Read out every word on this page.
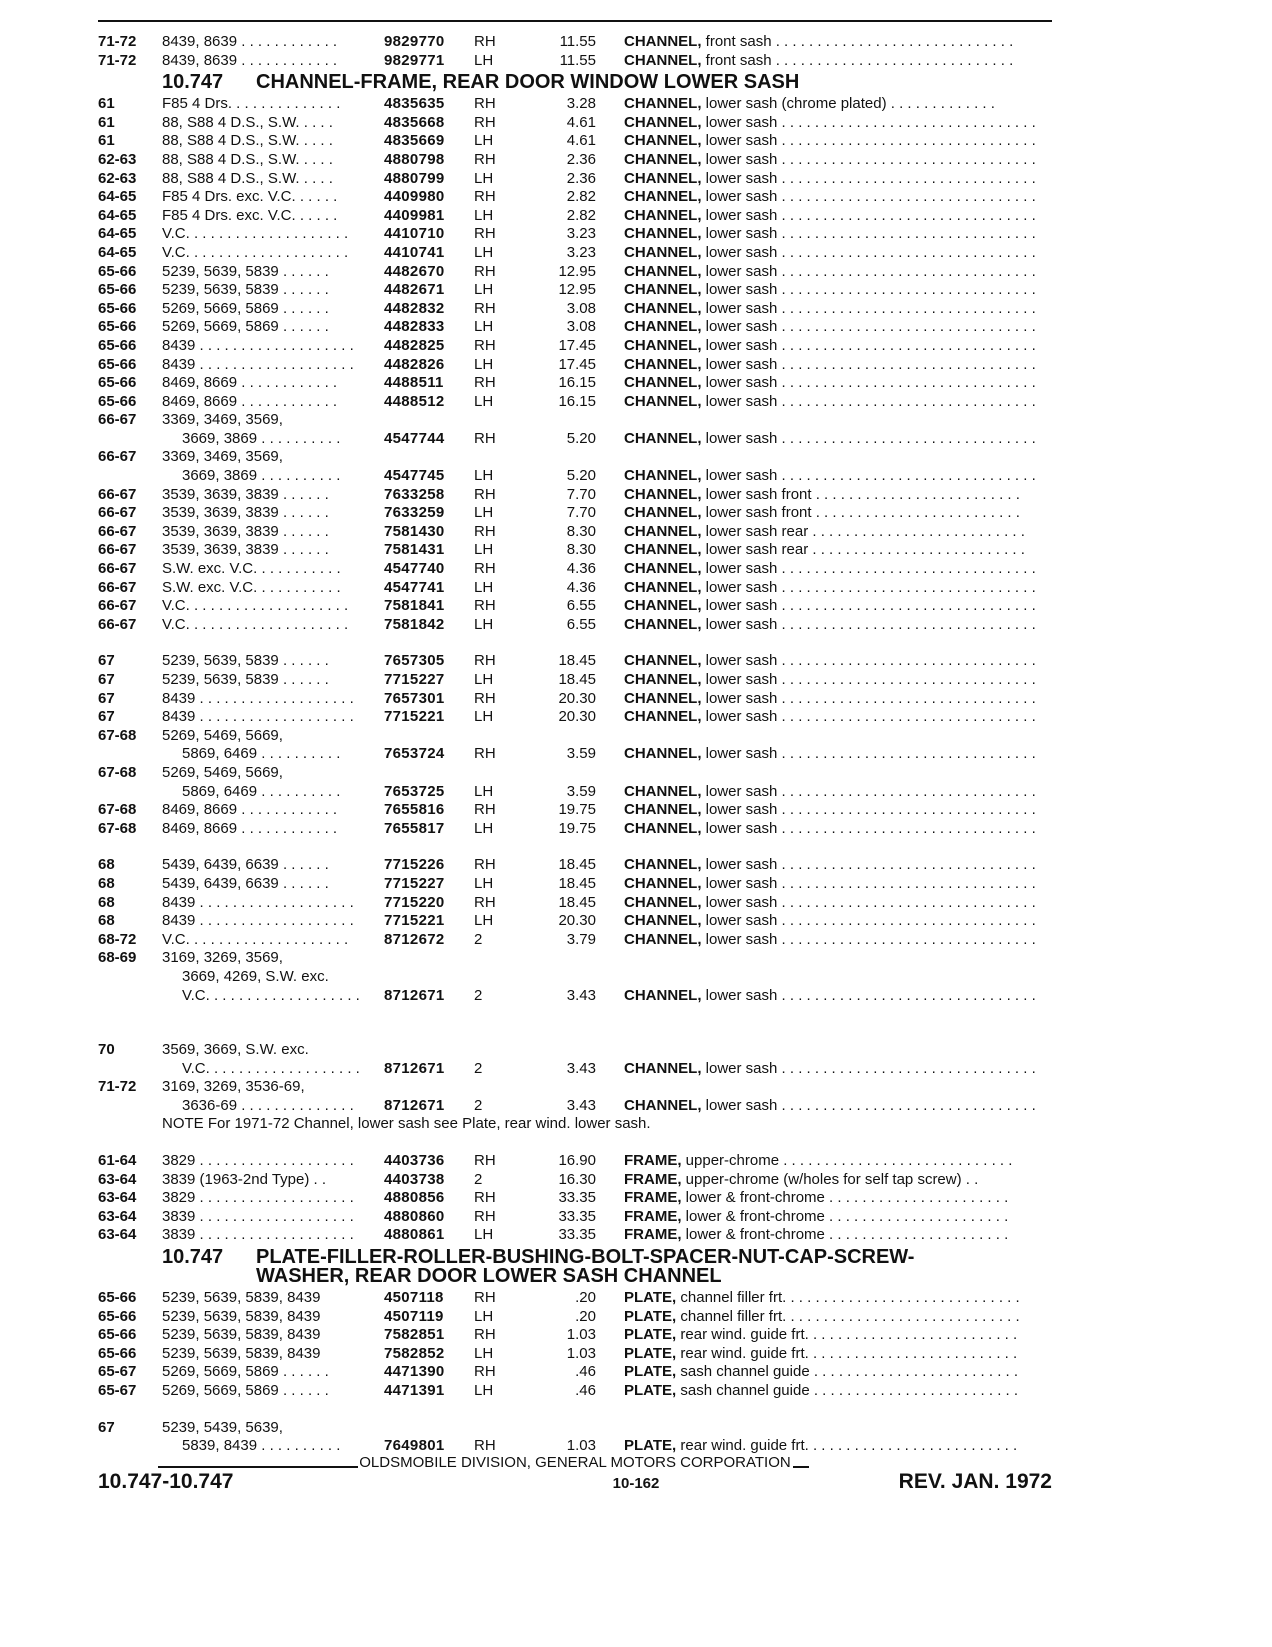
71-72	8439, 8639 . . . . . . . . . . . .	9829770	RH	11.55 CHANNEL, front sash . . . . . . . . . . . . . . . . . . . . . . . . . . . . .
71-72	8439, 8639 . . . . . . . . . . . .	9829771	LH	11.55 CHANNEL, front sash . . . . . . . . . . . . . . . . . . . . . . . . . . . . .
10.747 CHANNEL-FRAME, REAR DOOR WINDOW LOWER SASH
61	F85 4 Drs. . . . . . . . . . . . . .	4835635	RH	3.28 CHANNEL, lower sash (chrome plated) . . . . . . . . . . . . .
61	88, S88 4 D.S., S.W. . . . .	4835668	RH	4.61 CHANNEL, lower sash . . . . . . . . . . . . . . . . . . . . . . . . . . . . . . .
61	88, S88 4 D.S., S.W. . . . .	4835669	LH	4.61 CHANNEL, lower sash . . . . . . . . . . . . . . . . . . . . . . . . . . . . . . .
62-63	88, S88 4 D.S., S.W. . . . .	4880798	RH	2.36 CHANNEL, lower sash . . . . . . . . . . . . . . . . . . . . . . . . . . . . . . .
62-63	88, S88 4 D.S., S.W. . . . .	4880799	LH	2.36 CHANNEL, lower sash . . . . . . . . . . . . . . . . . . . . . . . . . . . . . . .
64-65	F85 4 Drs. exc. V.C. . . . . .	4409980	RH	2.82 CHANNEL, lower sash . . . . . . . . . . . . . . . . . . . . . . . . . . . . . . .
64-65	F85 4 Drs. exc. V.C. . . . . .	4409981	LH	2.82 CHANNEL, lower sash . . . . . . . . . . . . . . . . . . . . . . . . . . . . . . .
64-65	V.C. . . . . . . . . . . . . . . . . . . .	4410710	RH	3.23 CHANNEL, lower sash . . . . . . . . . . . . . . . . . . . . . . . . . . . . . . .
64-65	V.C. . . . . . . . . . . . . . . . . . . .	4410741	LH	3.23 CHANNEL, lower sash . . . . . . . . . . . . . . . . . . . . . . . . . . . . . . .
65-66	5239, 5639, 5839 . . . . . .	4482670	RH	12.95 CHANNEL, lower sash . . . . . . . . . . . . . . . . . . . . . . . . . . . . . . .
65-66	5239, 5639, 5839 . . . . . .	4482671	LH	12.95 CHANNEL, lower sash . . . . . . . . . . . . . . . . . . . . . . . . . . . . . . .
65-66	5269, 5669, 5869 . . . . . .	4482832	RH	3.08 CHANNEL, lower sash . . . . . . . . . . . . . . . . . . . . . . . . . . . . . . .
65-66	5269, 5669, 5869 . . . . . .	4482833	LH	3.08 CHANNEL, lower sash . . . . . . . . . . . . . . . . . . . . . . . . . . . . . . .
65-66	8439 . . . . . . . . . . . . . . . . . . .	4482825	RH	17.45 CHANNEL, lower sash . . . . . . . . . . . . . . . . . . . . . . . . . . . . . . .
65-66	8439 . . . . . . . . . . . . . . . . . . .	4482826	LH	17.45 CHANNEL, lower sash . . . . . . . . . . . . . . . . . . . . . . . . . . . . . . .
65-66	8469, 8669 . . . . . . . . . . . .	4488511	RH	16.15 CHANNEL, lower sash . . . . . . . . . . . . . . . . . . . . . . . . . . . . . . .
65-66	8469, 8669 . . . . . . . . . . . .	4488512	LH	16.15 CHANNEL, lower sash . . . . . . . . . . . . . . . . . . . . . . . . . . . . . . .
66-67	3369, 3469, 3569,
3669, 3869 . . . . . . . . . .	4547744	RH	5.20 CHANNEL, lower sash . . . . . . . . . . . . . . . . . . . . . . . . . . . . . . .
66-67	3369, 3469, 3569,
3669, 3869 . . . . . . . . . .	4547745	LH	5.20 CHANNEL, lower sash . . . . . . . . . . . . . . . . . . . . . . . . . . . . . . .
66-67	3539, 3639, 3839 . . . . . .	7633258	RH	7.70 CHANNEL, lower sash front . . . . . . . . . . . . . . . . . . . . . . . . .
66-67	3539, 3639, 3839 . . . . . .	7633259	LH	7.70 CHANNEL, lower sash front . . . . . . . . . . . . . . . . . . . . . . . . .
66-67	3539, 3639, 3839 . . . . . .	7581430	RH	8.30 CHANNEL, lower sash rear . . . . . . . . . . . . . . . . . . . . . . . . . .
66-67	3539, 3639, 3839 . . . . . .	7581431	LH	8.30 CHANNEL, lower sash rear . . . . . . . . . . . . . . . . . . . . . . . . . .
66-67	S.W. exc. V.C. . . . . . . . . . .	4547740	RH	4.36 CHANNEL, lower sash . . . . . . . . . . . . . . . . . . . . . . . . . . . . . . .
66-67	S.W. exc. V.C. . . . . . . . . . .	4547741	LH	4.36 CHANNEL, lower sash . . . . . . . . . . . . . . . . . . . . . . . . . . . . . . .
66-67	V.C. . . . . . . . . . . . . . . . . . . .	7581841	RH	6.55 CHANNEL, lower sash . . . . . . . . . . . . . . . . . . . . . . . . . . . . . . .
66-67	V.C. . . . . . . . . . . . . . . . . . . .	7581842	LH	6.55 CHANNEL, lower sash . . . . . . . . . . . . . . . . . . . . . . . . . . . . . . .
67	5239, 5639, 5839 . . . . . .	7657305	RH	18.45 CHANNEL, lower sash . . . . . . . . . . . . . . . . . . . . . . . . . . . . . . .
67	5239, 5639, 5839 . . . . . .	7715227	LH	18.45 CHANNEL, lower sash . . . . . . . . . . . . . . . . . . . . . . . . . . . . . . .
67	8439 . . . . . . . . . . . . . . . . . . .	7657301	RH	20.30 CHANNEL, lower sash . . . . . . . . . . . . . . . . . . . . . . . . . . . . . . .
67	8439 . . . . . . . . . . . . . . . . . . .	7715221	LH	20.30 CHANNEL, lower sash . . . . . . . . . . . . . . . . . . . . . . . . . . . . . . .
67-68	5269, 5469, 5669,
5869, 6469 . . . . . . . . . .	7653724	RH	3.59 CHANNEL, lower sash . . . . . . . . . . . . . . . . . . . . . . . . . . . . . . .
67-68	5269, 5469, 5669,
5869, 6469 . . . . . . . . . .	7653725	LH	3.59 CHANNEL, lower sash . . . . . . . . . . . . . . . . . . . . . . . . . . . . . . .
67-68	8469, 8669 . . . . . . . . . . . .	7655816	RH	19.75 CHANNEL, lower sash . . . . . . . . . . . . . . . . . . . . . . . . . . . . . . .
67-68	8469, 8669 . . . . . . . . . . . .	7655817	LH	19.75 CHANNEL, lower sash . . . . . . . . . . . . . . . . . . . . . . . . . . . . . . .
68	5439, 6439, 6639 . . . . . .	7715226	RH	18.45 CHANNEL, lower sash . . . . . . . . . . . . . . . . . . . . . . . . . . . . . . .
68	5439, 6439, 6639 . . . . . .	7715227	LH	18.45 CHANNEL, lower sash . . . . . . . . . . . . . . . . . . . . . . . . . . . . . . .
68	8439 . . . . . . . . . . . . . . . . . . .	7715220	RH	18.45 CHANNEL, lower sash . . . . . . . . . . . . . . . . . . . . . . . . . . . . . . .
68	8439 . . . . . . . . . . . . . . . . . . .	7715221	LH	20.30 CHANNEL, lower sash . . . . . . . . . . . . . . . . . . . . . . . . . . . . . . .
68-72	V.C. . . . . . . . . . . . . . . . . . . .	8712672	2	3.79 CHANNEL, lower sash . . . . . . . . . . . . . . . . . . . . . . . . . . . . . . .
68-69	3169, 3269, 3569,
3669, 4269, S.W. exc.
V.C. . . . . . . . . . . . . . . . . . .	8712671	2	3.43 CHANNEL, lower sash . . . . . . . . . . . . . . . . . . . . . . . . . . . . . . .
70	3569, 3669, S.W. exc.
V.C. . . . . . . . . . . . . . . . . . .	8712671	2	3.43 CHANNEL, lower sash . . . . . . . . . . . . . . . . . . . . . . . . . . . . . . .
71-72	3169, 3269, 3536-69,
3636-69 . . . . . . . . . . . . . .	8712671	2	3.43 CHANNEL, lower sash . . . . . . . . . . . . . . . . . . . . . . . . . . . . . . .
NOTE For 1971-72 Channel, lower sash see Plate, rear wind. lower sash.
61-64	3829 . . . . . . . . . . . . . . . . . . .	4403736	RH	16.90 FRAME, upper-chrome . . . . . . . . . . . . . . . . . . . . . . . . . . . .
63-64	3839 (1963-2nd Type) . .	4403738	2	16.30 FRAME, upper-chrome (w/holes for self tap screw) . .
63-64	3829 . . . . . . . . . . . . . . . . . . .	4880856	RH	33.35 FRAME, lower & front-chrome . . . . . . . . . . . . . . . . . . . . . .
63-64	3839 . . . . . . . . . . . . . . . . . . .	4880860	RH	33.35 FRAME, lower & front-chrome . . . . . . . . . . . . . . . . . . . . . .
63-64	3839 . . . . . . . . . . . . . . . . . . .	4880861	LH	33.35 FRAME, lower & front-chrome . . . . . . . . . . . . . . . . . . . . . .
10.747 PLATE-FILLER-ROLLER-BUSHING-BOLT-SPACER-NUT-CAP-SCREW-
WASHER, REAR DOOR LOWER SASH CHANNEL
65-66	5239, 5639, 5839, 8439	4507118	RH	.20 PLATE, channel filler frt. . . . . . . . . . . . . . . . . . . . . . . . . . . . .
65-66	5239, 5639, 5839, 8439	4507119	LH	.20 PLATE, channel filler frt. . . . . . . . . . . . . . . . . . . . . . . . . . . . .
65-66	5239, 5639, 5839, 8439	7582851	RH	1.03 PLATE, rear wind. guide frt. . . . . . . . . . . . . . . . . . . . . . . . . .
65-66	5239, 5639, 5839, 8439	7582852	LH	1.03 PLATE, rear wind. guide frt. . . . . . . . . . . . . . . . . . . . . . . . . .
65-67	5269, 5669, 5869 . . . . . .	4471390	RH	.46 PLATE, sash channel guide . . . . . . . . . . . . . . . . . . . . . . . . .
65-67	5269, 5669, 5869 . . . . . .	4471391	LH	.46 PLATE, sash channel guide . . . . . . . . . . . . . . . . . . . . . . . . .
67	5239, 5439, 5639,
5839, 8439 . . . . . . . . . .	7649801	RH	1.03 PLATE, rear wind. guide frt. . . . . . . . . . . . . . . . . . . . . . . . . .
OLDSMOBILE DIVISION, GENERAL MOTORS CORPORATION
10.747-10.747	10-162	REV. JAN. 1972
